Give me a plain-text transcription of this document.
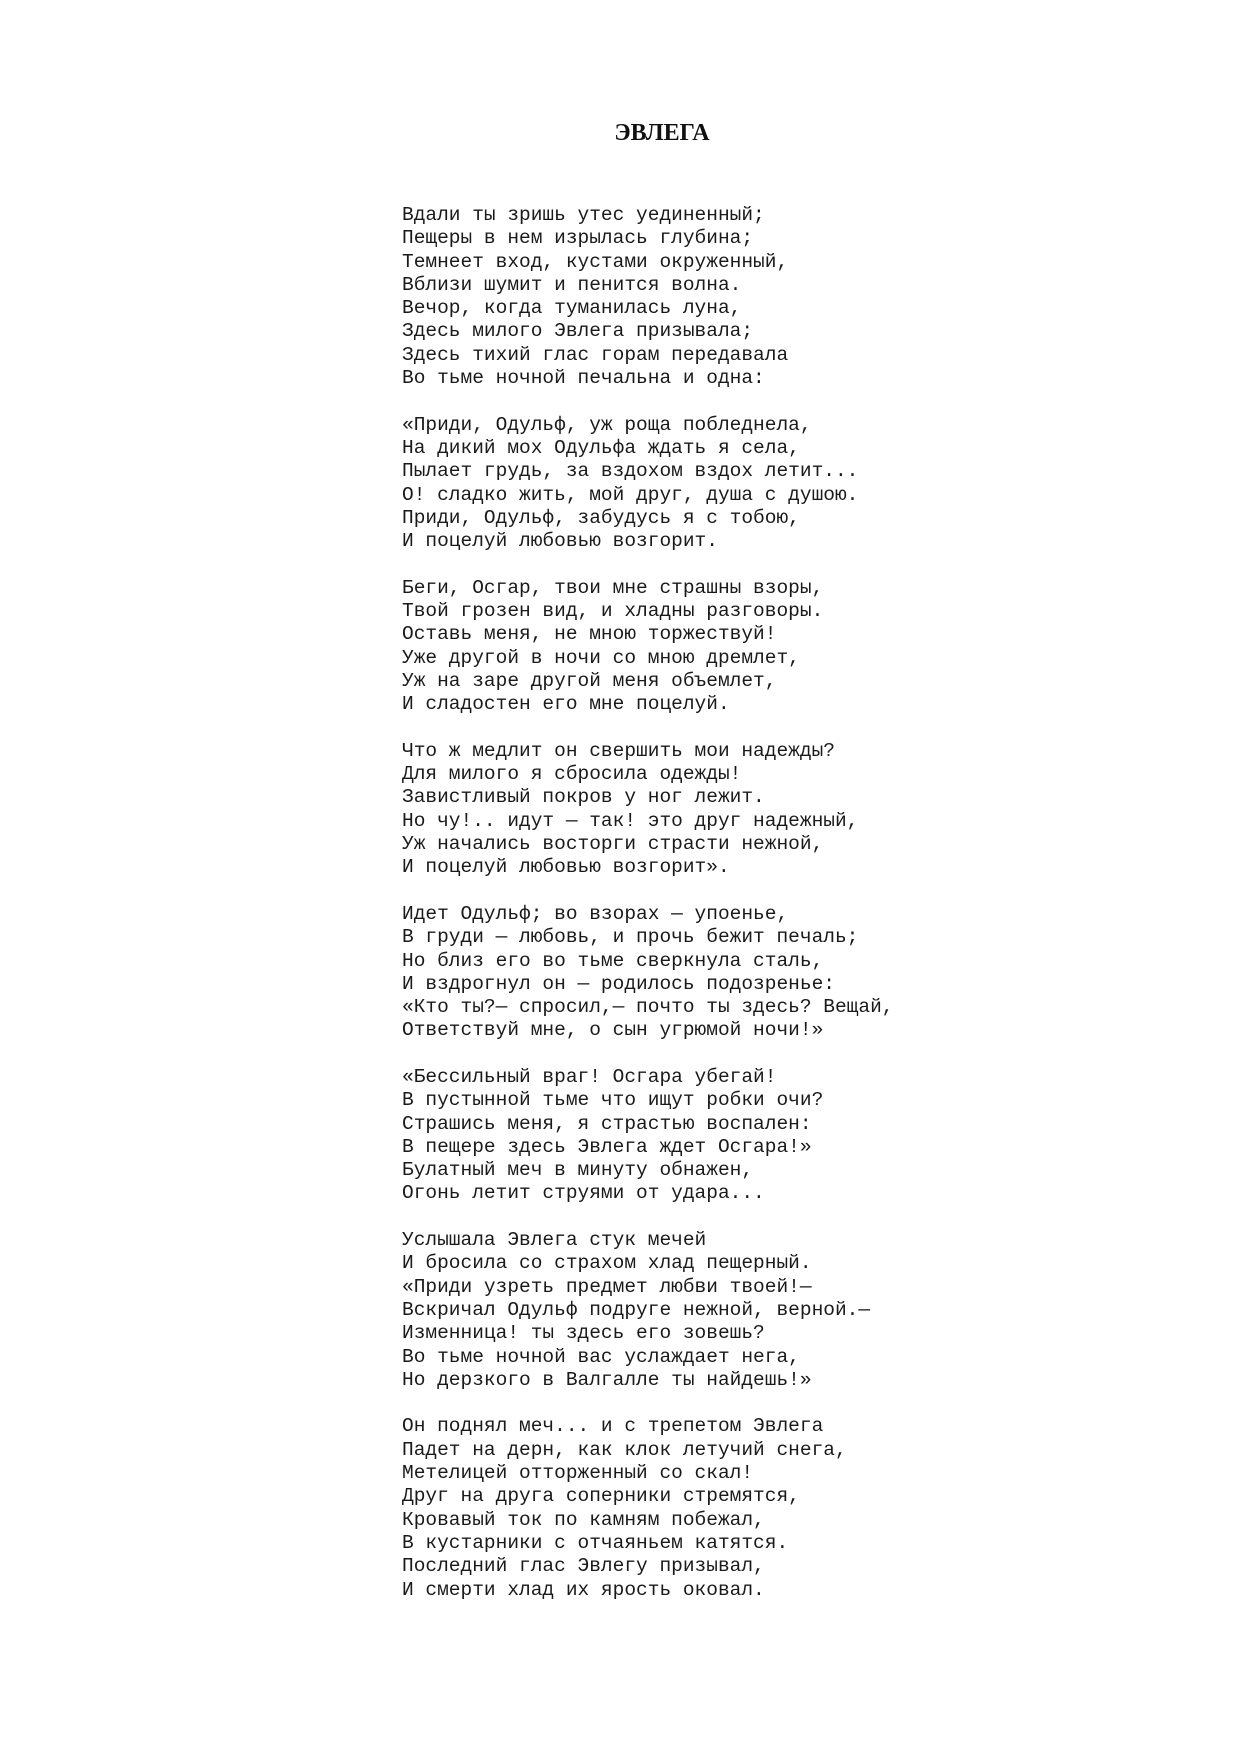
ЭВЛЕГА
Вдали ты зришь утес уединенный;
Пещеры в нем изрылась глубина;
Темнеет вход, кустами окруженный,
Вблизи шумит и пенится волна.
Вечор, когда туманилась луна,
Здесь милого Эвлега призывала;
Здесь тихий глас горам передавала
Во тьме ночной печальна и одна:
«Приди, Одульф, уж роща побледнела,
На дикий мох Одульфа ждать я села,
Пылает грудь, за вздохом вздох летит...
О! сладко жить, мой друг, душа с душою.
Приди, Одульф, забудусь я с тобою,
И поцелуй любовью возгорит.
Беги, Осгар, твои мне страшны взоры,
Твой грозен вид, и хладны разговоры.
Оставь меня, не мною торжествуй!
Уже другой в ночи со мною дремлет,
Уж на заре другой меня объемлет,
И сладостен его мне поцелуй.
Что ж медлит он свершить мои надежды?
Для милого я сбросила одежды!
Завистливый покров у ног лежит.
Но чу!.. идут — так! это друг надежный,
Уж начались восторги страсти нежной,
И поцелуй любовью возгорит».
Идет Одульф; во взорах — упоенье,
В груди — любовь, и прочь бежит печаль;
Но близ его во тьме сверкнула сталь,
И вздрогнул он — родилось подозренье:
«Кто ты?— спросил,— почто ты здесь? Вещай,
Ответствуй мне, о сын угрюмой ночи!»
«Бессильный враг! Осгара убегай!
В пустынной тьме что ищут робки очи?
Страшись меня, я страстью воспален:
В пещере здесь Эвлега ждет Осгара!»
Булатный меч в минуту обнажен,
Огонь летит струями от удара...
Услышала Эвлега стук мечей
И бросила со страхом хлад пещерный.
«Приди узреть предмет любви твоей!—
Вскричал Одульф подруге нежной, верной.—
Изменница! ты здесь его зовешь?
Во тьме ночной вас услаждает нега,
Но дерзкого в Валгалле ты найдешь!»
Он поднял меч... и с трепетом Эвлега
Падет на дерн, как клок летучий снега,
Метелицей отторженный со скал!
Друг на друга соперники стремятся,
Кровавый ток по камням побежал,
В кустарники с отчаяньем катятся.
Последний глас Эвлегу призывал,
И смерти хлад их ярость оковал.
